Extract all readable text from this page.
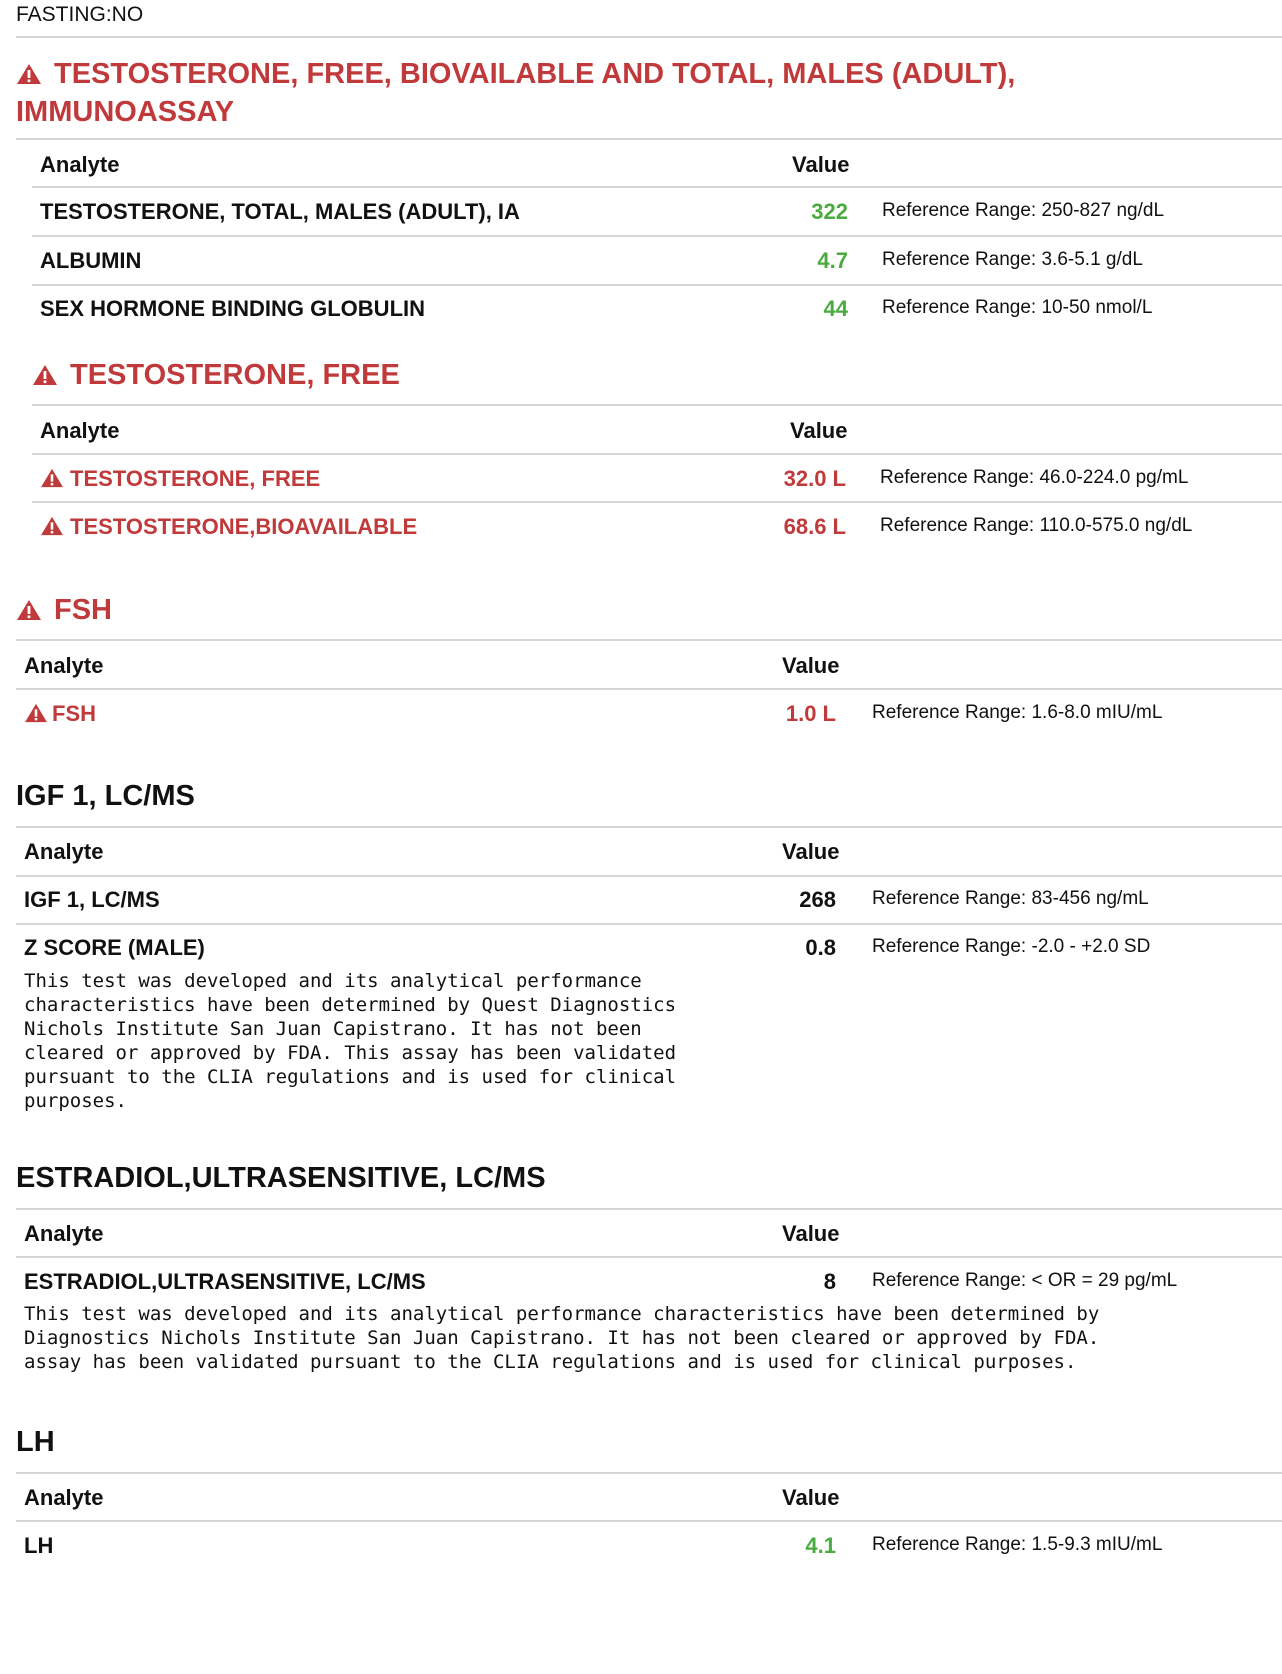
FASTING:NO
TESTOSTERONE, FREE, BIOVAILABLE AND TOTAL, MALES (ADULT),
IMMUNOASSAY
Analyte	Value
TESTOSTERONE, TOTAL, MALES (ADULT), IA	322 Reference Range: 250-827 ng/dL
ALBUMIN	4.7 Reference Range: 3.6-5.1 g/dL
SEX HORMONE BINDING GLOBULIN	44 Reference Range: 10-50 nmol/L
TESTOSTERONE, FREE
Analyte	Value
TESTOSTERONE, FREE	32.0 L Reference Range: 46.0-224.0 pg/mL
TESTOSTERONE,BIOAVAILABLE	68.6 L Reference Range: 110.0-575.0 ng/dL
FSH
Analyte	Value
FSH	1.0 L Reference Range: 1.6-8.0 mIU/mL
IGF 1, LC/MS
Analyte	Value
IGF 1, LC/MS	268 Reference Range: 83-456 ng/mL
Z SCORE (MALE)	0.8 Reference Range: -2.0 - +2.0 SD
This test was developed and its analytical performance
characteristics have been determined by Quest Diagnostics
Nichols Institute San Juan Capistrano. It has not been
cleared or approved by FDA. This assay has been validated
pursuant to the CLIA regulations and is used for clinical
purposes.
ESTRADIOL,ULTRASENSITIVE, LC/MS
Analyte	Value
ESTRADIOL,ULTRASENSITIVE, LC/MS	8 Reference Range: < OR = 29 pg/mL
This test was developed and its analytical performance characteristics have been determined by
Diagnostics Nichols Institute San Juan Capistrano. It has not been cleared or approved by FDA.
assay has been validated pursuant to the CLIA regulations and is used for clinical purposes.
LH
Analyte	Value
LH	4.1 Reference Range: 1.5-9.3 mIU/mL
